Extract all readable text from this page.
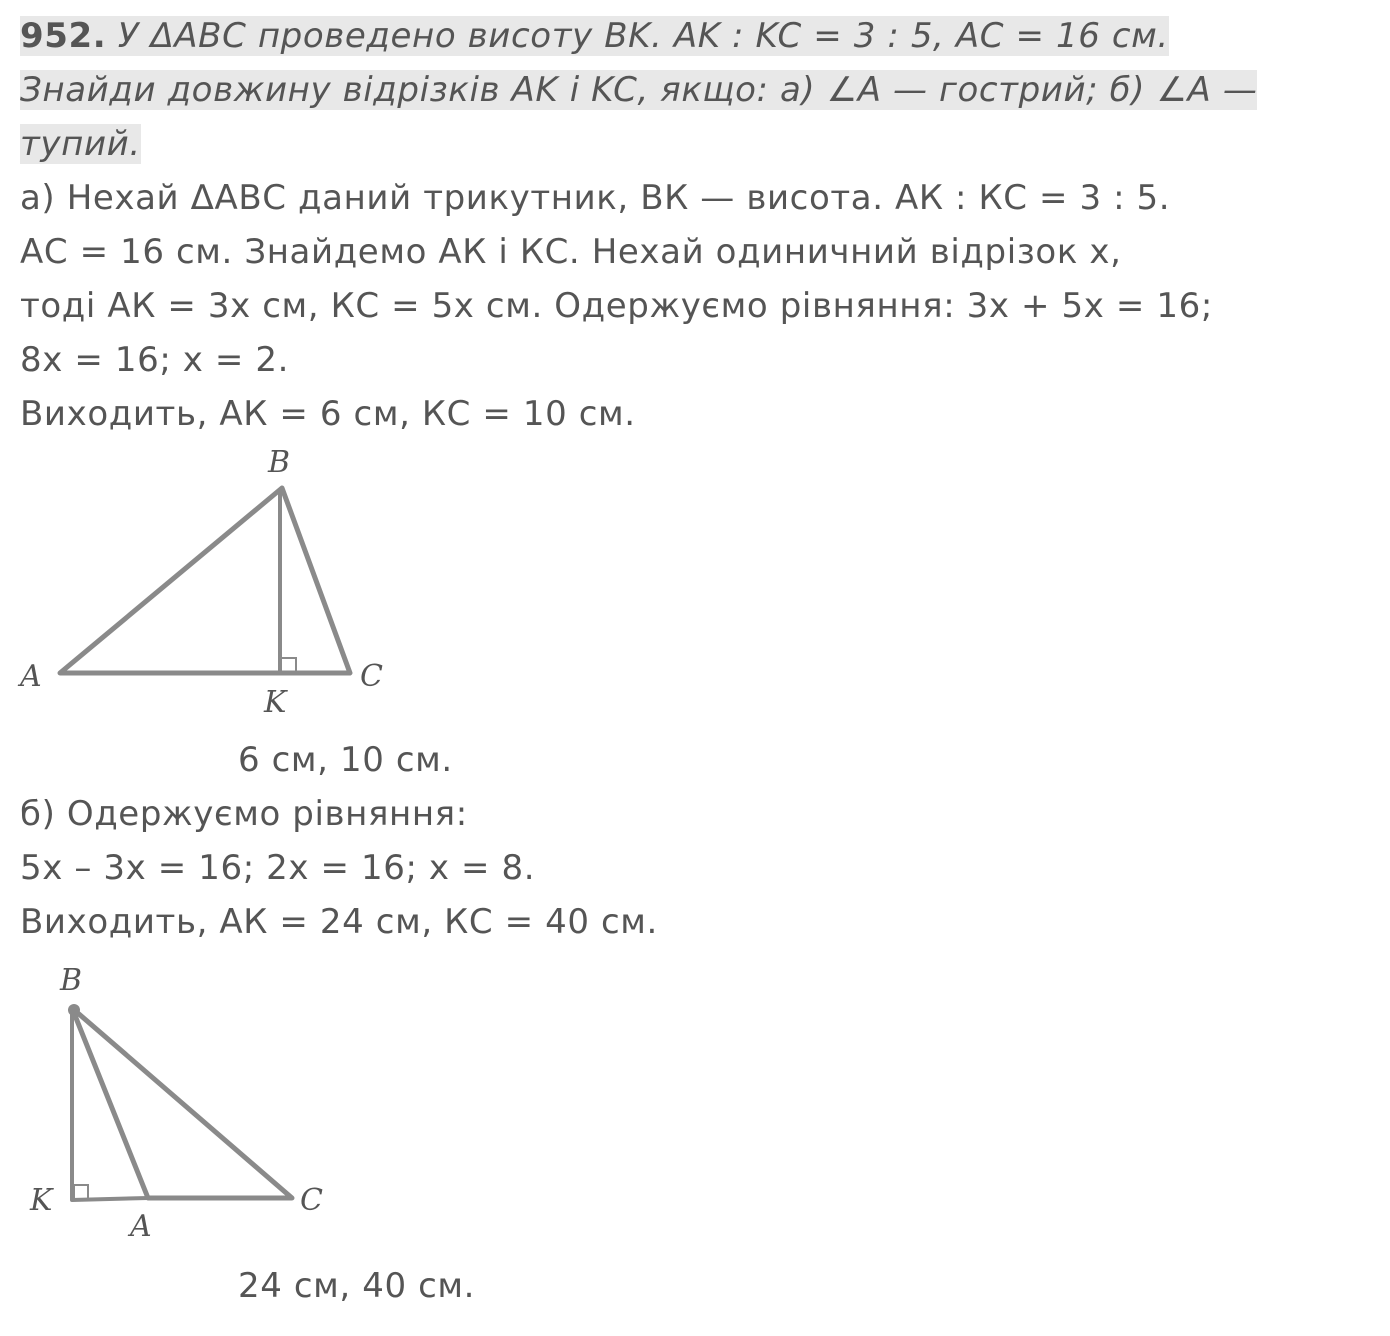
952. У ΔABC проведено висоту BK. AK : KC = 3 : 5, AC = 16 см.
Знайди довжину відрізків AK і KC, якщо: а) ∠A — гострий; б) ∠A —
тупий.
а) Нехай ΔАВС даний трикутник, ВК — висота. АК : КС = 3 : 5.
АС = 16 см. Знайдемо АК і КС. Нехай одиничний відрізок х,
тоді АК = 3х см, КС = 5х см. Одержуємо рівняння: 3х + 5х = 16;
8х = 16; х = 2.
Виходить, АК = 6 см, КС = 10 см.
B
A	C
K
6 см, 10 см.
б) Одержуємо рівняння:
5х – 3х = 16; 2х = 16; х = 8.
Виходить, АК = 24 см, КС = 40 см.
B
K
A
C
24 см, 40 см.
